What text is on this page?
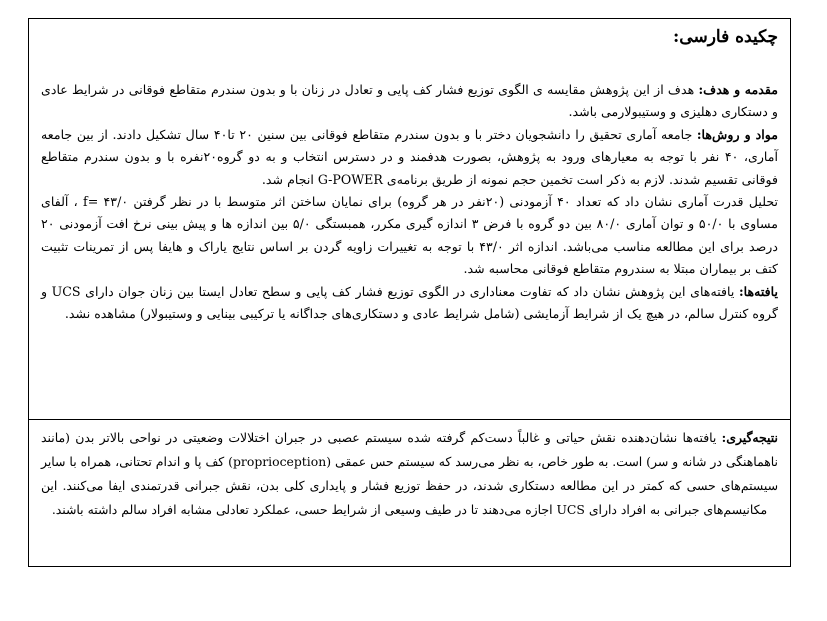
چکیده فارسی:

مقدمه و هدف: هدف از این پژوهش مقایسه ی الگوی توزیع فشار کف پایی و تعادل در زنان با و بدون سندرم متقاطع فوقانی در شرایط عادی و دستکاری دهلیزی و وستیبولارمی باشد.

مواد و روش‌ها: جامعه آماری تحقیق را دانشجویان دختر با و بدون سندرم متقاطع فوقانی بین سنین ۲۰ تا۴۰ سال تشکیل دادند. از بین جامعه آماری، ۴۰ نفر با توجه به معیارهای ورود به پژوهش، بصورت هدفمند و در دسترس انتخاب و به دو گروه۲۰نفره با و بدون سندرم متقاطع فوقانی تقسیم شدند. لازم به ذکر است تخمین حجم نمونه از طریق برنامه‌ی G-POWER انجام شد.

تحلیل قدرت آماری نشان داد که تعداد ۴۰ آزمودنی (۲۰نفر در هر گروه) برای نمایان ساختن اثر متوسط با در نظر گرفتن f= ۴۳/۰ ، آلفای مساوی با ۵۰/۰ و توان آماری ۸۰/۰ بین دو گروه با فرض ۳ اندازه گیری مکرر، همبستگی ۵/۰ بین اندازه ها و پیش بینی نرخ افت آزمودنی ۲۰ درصد برای این مطالعه مناسب می‌باشد. اندازه اثر ۴۳/۰ با توجه به تغییرات زاویه گردن بر اساس نتایج یاراک و هایفا پس از تمرینات تثبیت کتف بر بیماران مبتلا به سندروم متقاطع فوقانی محاسبه شد.

یافته‌ها: یافته‌های این پژوهش نشان داد که تفاوت معناداری در الگوی توزیع فشار کف پایی و سطح تعادل ایستا بین زنان جوان دارای UCS و گروه کنترل سالم، در هیچ یک از شرایط آزمایشی (شامل شرایط عادی و دستکاری‌های جداگانه یا ترکیبی بینایی و وستیبولار) مشاهده نشد.

نتیجه‌گیری: یافته‌ها نشان‌دهنده نقش حیاتی و غالباً دست‌کم گرفته شده سیستم عصبی در جبران اختلالات وضعیتی در نواحی بالاتر بدن (مانند ناهماهنگی در شانه و سر) است. به طور خاص، به نظر می‌رسد که سیستم حس عمقی (proprioception) کف پا و اندام تحتانی، همراه با سایر سیستم‌های حسی که کمتر در این مطالعه دستکاری شدند، در حفظ توزیع فشار و پایداری کلی بدن، نقش جبرانی قدرتمندی ایفا می‌کنند. این مکانیسم‌های جبرانی به افراد دارای UCS اجازه می‌دهند تا در طیف وسیعی از شرایط حسی، عملکرد تعادلی مشابه افراد سالم داشته باشند.
